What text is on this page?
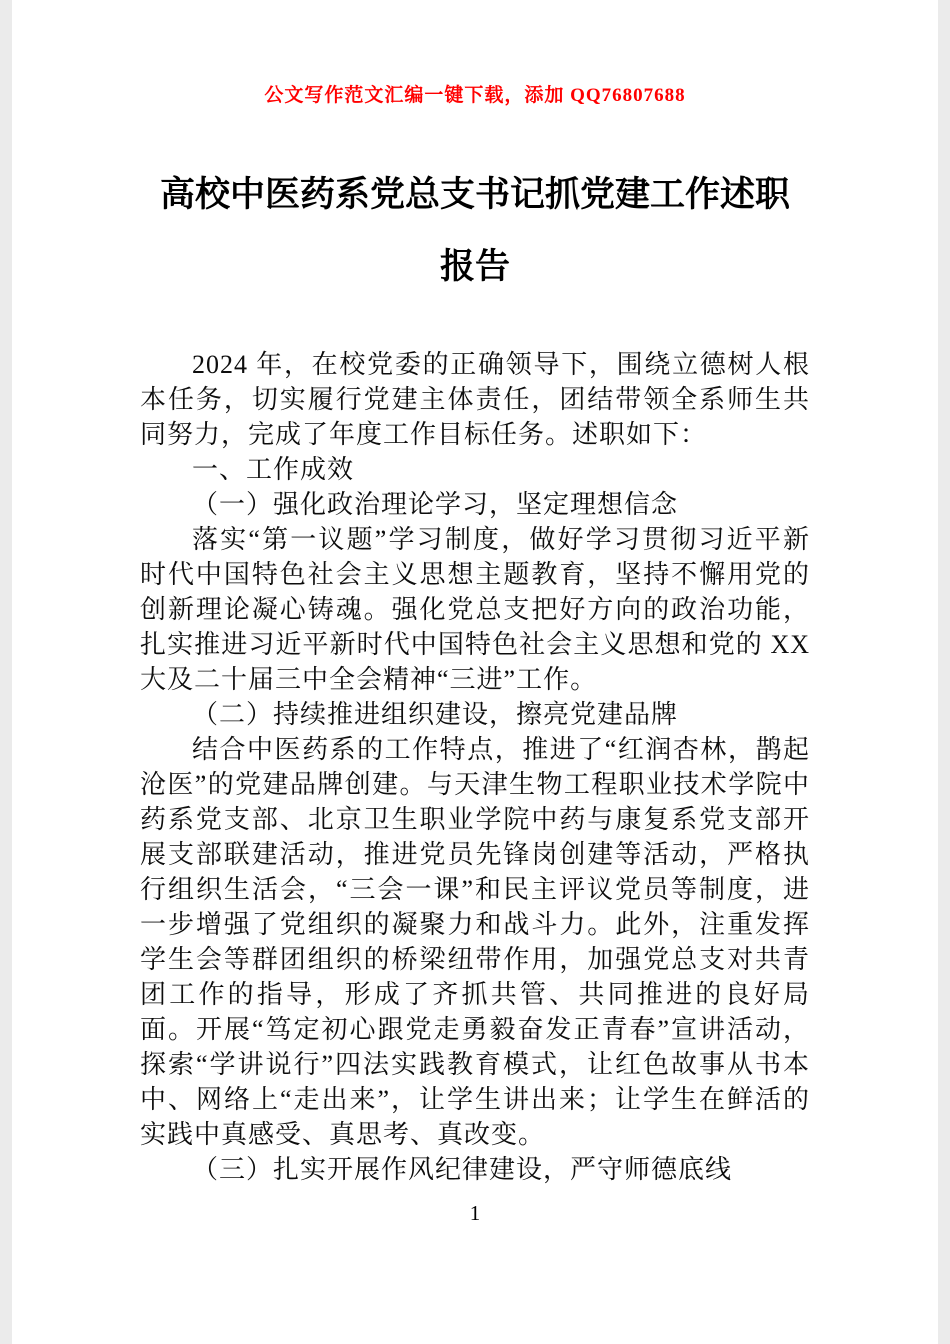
公文写作范文汇编一键下载，添加 QQ76807688
高校中医药系党总支书记抓党建工作述职
报告

2024 年，在校党委的正确领导下，围绕立德树人根本任务，切实履行党建主体责任，团结带领全系师生共同努力，完成了年度工作目标任务。述职如下：

一、工作成效

（一）强化政治理论学习，坚定理想信念

落实“第一议题”学习制度，做好学习贯彻习近平新时代中国特色社会主义思想主题教育，坚持不懈用党的创新理论凝心铸魂。强化党总支把好方向的政治功能，扎实推进习近平新时代中国特色社会主义思想和党的 XX 大及二十届三中全会精神“三进”工作。

（二）持续推进组织建设，擦亮党建品牌

结合中医药系的工作特点，推进了“红润杏林，鹊起沧医”的党建品牌创建。与天津生物工程职业技术学院中药系党支部、北京卫生职业学院中药与康复系党支部开展支部联建活动，推进党员先锋岗创建等活动，严格执行组织生活会，“三会一课”和民主评议党员等制度，进一步增强了党组织的凝聚力和战斗力。此外，注重发挥学生会等群团组织的桥梁纽带作用，加强党总支对共青团工作的指导，形成了齐抓共管、共同推进的良好局面。开展“笃定初心跟党走勇毅奋发正青春”宣讲活动，探索“学讲说行”四法实践教育模式，让红色故事从书本中、网络上“走出来”，让学生讲出来；让学生在鲜活的实践中真感受、真思考、真改变。

（三）扎实开展作风纪律建设，严守师德底线

1
